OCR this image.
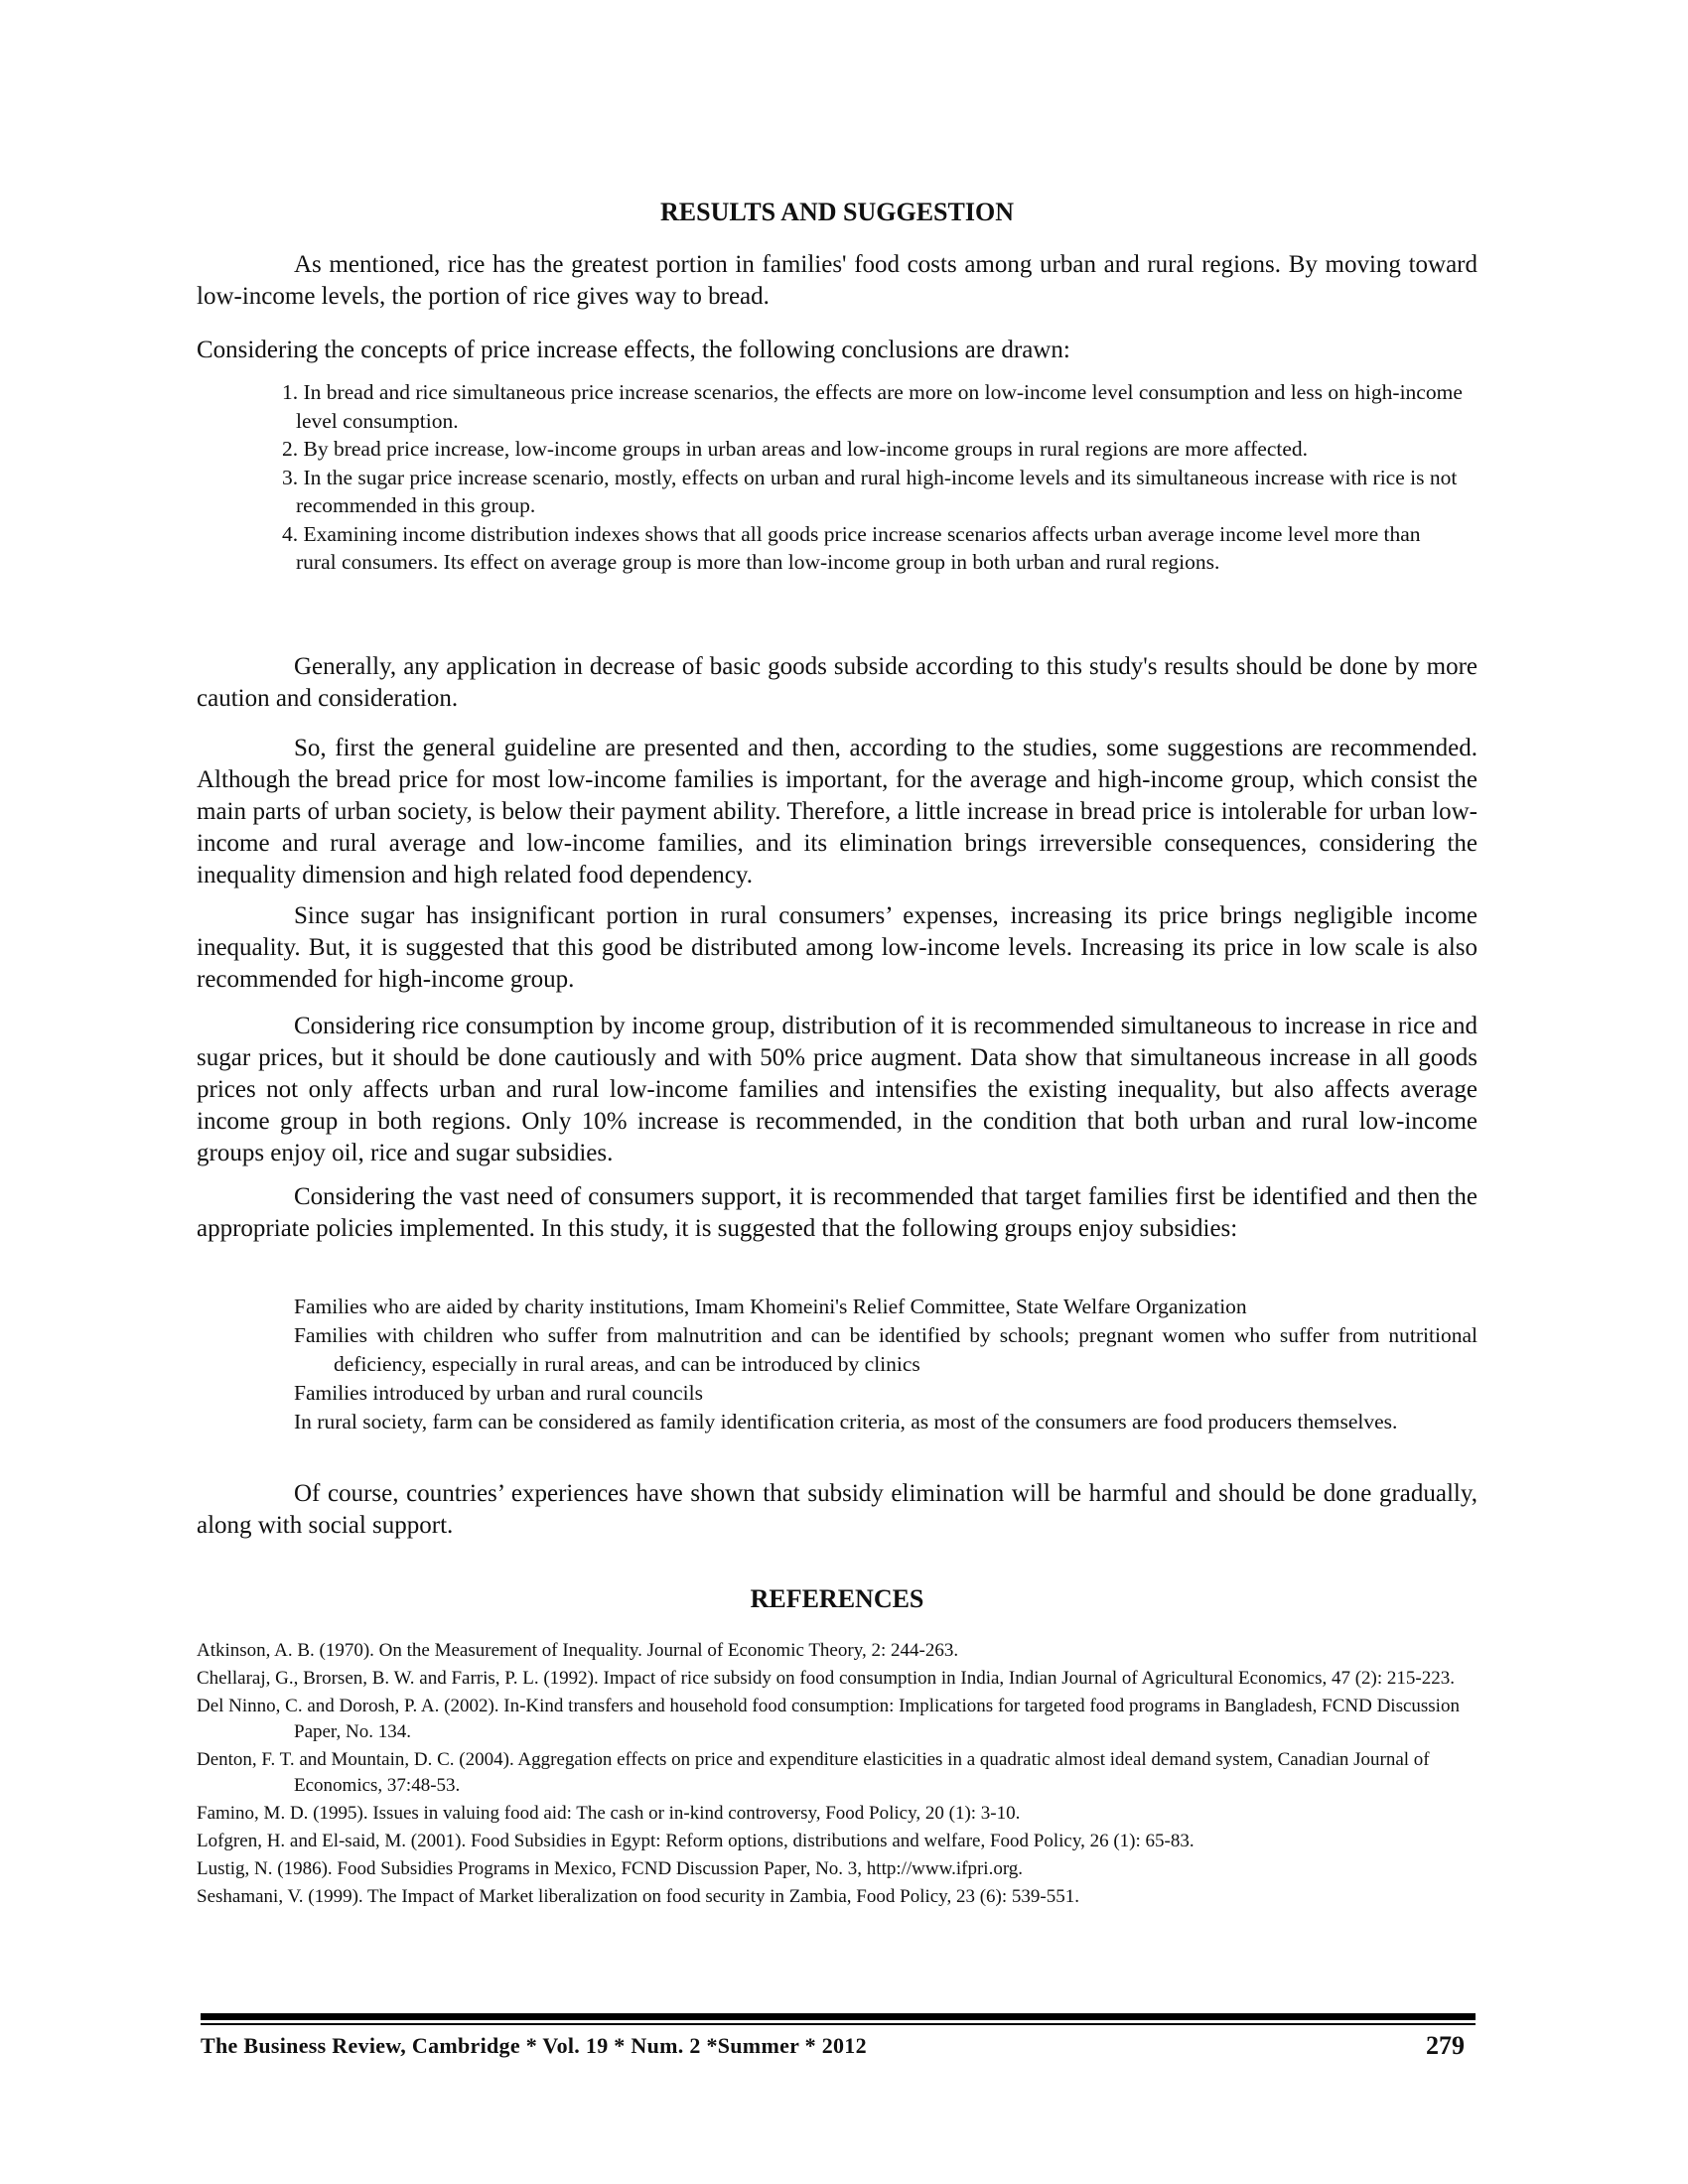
RESULTS AND SUGGESTION

As mentioned, rice has the greatest portion in families' food costs among urban and rural regions. By moving toward low-income levels, the portion of rice gives way to bread.

Considering the concepts of price increase effects, the following conclusions are drawn:

1. In bread and rice simultaneous price increase scenarios, the effects are more on low-income level consumption and less on high-income level consumption.
2. By bread price increase, low-income groups in urban areas and low-income groups in rural regions are more affected.
3. In the sugar price increase scenario, mostly, effects on urban and rural high-income levels and its simultaneous increase with rice is not recommended in this group.
4. Examining income distribution indexes shows that all goods price increase scenarios affects urban average income level more than rural consumers. Its effect on average group is more than low-income group in both urban and rural regions.

Generally, any application in decrease of basic goods subside according to this study's results should be done by more caution and consideration.

So, first the general guideline are presented and then, according to the studies, some suggestions are recommended. Although the bread price for most low-income families is important, for the average and high-income group, which consist the main parts of urban society, is below their payment ability. Therefore, a little increase in bread price is intolerable for urban low-income and rural average and low-income families, and its elimination brings irreversible consequences, considering the inequality dimension and high related food dependency.

Since sugar has insignificant portion in rural consumers’ expenses, increasing its price brings negligible income inequality. But, it is suggested that this good be distributed among low-income levels. Increasing its price in low scale is also recommended for high-income group.

Considering rice consumption by income group, distribution of it is recommended simultaneous to increase in rice and sugar prices, but it should be done cautiously and with 50% price augment. Data show that simultaneous increase in all goods prices not only affects urban and rural low-income families and intensifies the existing inequality, but also affects average income group in both regions. Only 10% increase is recommended, in the condition that both urban and rural low-income groups enjoy oil, rice and sugar subsidies.

Considering the vast need of consumers support, it is recommended that target families first be identified and then the appropriate policies implemented. In this study, it is suggested that the following groups enjoy subsidies:

Families who are aided by charity institutions, Imam Khomeini's Relief Committee, State Welfare Organization
Families with children who suffer from malnutrition and can be identified by schools; pregnant women who suffer from nutritional deficiency, especially in rural areas, and can be introduced by clinics
Families introduced by urban and rural councils
In rural society, farm can be considered as family identification criteria, as most of the consumers are food producers themselves.

Of course, countries’ experiences have shown that subsidy elimination will be harmful and should be done gradually, along with social support.

REFERENCES
Atkinson, A. B. (1970). On the Measurement of Inequality. Journal of Economic Theory, 2: 244-263.
Chellaraj, G., Brorsen, B. W. and Farris, P. L. (1992). Impact of rice subsidy on food consumption in India, Indian Journal of Agricultural Economics, 47 (2): 215-223.
Del Ninno, C. and Dorosh, P. A. (2002). In-Kind transfers and household food consumption: Implications for targeted food programs in Bangladesh, FCND Discussion Paper, No. 134.
Denton, F. T. and Mountain, D. C. (2004). Aggregation effects on price and expenditure elasticities in a quadratic almost ideal demand system, Canadian Journal of Economics, 37:48-53.
Famino, M. D. (1995). Issues in valuing food aid: The cash or in-kind controversy, Food Policy, 20 (1): 3-10.
Lofgren, H. and El-said, M. (2001). Food Subsidies in Egypt: Reform options, distributions and welfare, Food Policy, 26 (1): 65-83.
Lustig, N. (1986). Food Subsidies Programs in Mexico, FCND Discussion Paper, No. 3, http://www.ifpri.org.
Seshamani, V. (1999). The Impact of Market liberalization on food security in Zambia, Food Policy, 23 (6): 539-551.
The Business Review, Cambridge * Vol. 19 * Num. 2 *Summer * 2012	279
